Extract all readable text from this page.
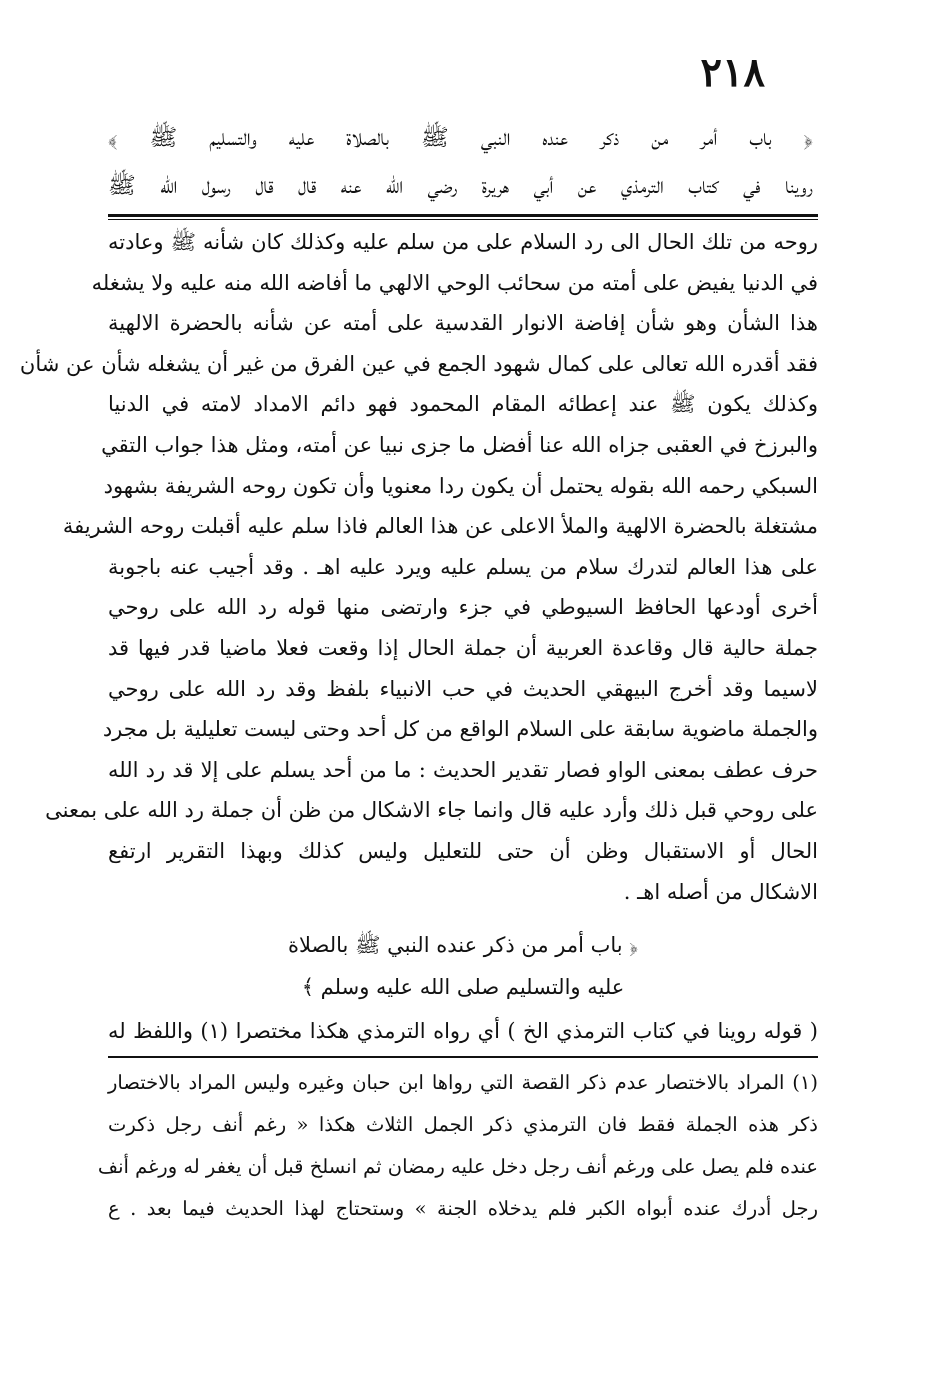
٢١٨
﴿ باب أمر من ذكر عنده النبي ﷺ بالصلاة عليه والتسليم ﷺ ﴾
روينا في كتاب الترمذي عن أبي هريرة رضي الله عنه قال قال رسول الله ﷺ
روحه من تلك الحال الى رد السلام على من سلم عليه وكذلك كان شأنه ﷺ وعادته
في الدنيا يفيض على أمته من سحائب الوحي الالهي ما أفاضه الله منه عليه ولا يشغله
هذا الشأن وهو شأن إفاضة الانوار القدسية على أمته عن شأنه بالحضرة الالهية
فقد أقدره الله تعالى على كمال شهود الجمع في عين الفرق من غير أن يشغله شأن عن شأن
وكذلك يكون ﷺ عند إعطائه المقام المحمود فهو دائم الامداد لامته في الدنيا
والبرزخ في العقبى جزاه الله عنا أفضل ما جزى نبيا عن أمته، ومثل هذا جواب التقي
السبكي رحمه الله بقوله يحتمل أن يكون ردا معنويا وأن تكون روحه الشريفة بشهود
مشتغلة بالحضرة الالهية والملأ الاعلى عن هذا العالم فاذا سلم عليه أقبلت روحه الشريفة
على هذا العالم لتدرك سلام من يسلم عليه ويرد عليه اهـ . وقد أجيب عنه باجوبة
أخرى أودعها الحافظ السيوطي في جزء وارتضى منها قوله رد الله على روحي
جملة حالية قال وقاعدة العربية أن جملة الحال إذا وقعت فعلا ماضيا قدر فيها قد
لاسيما وقد أخرج البيهقي الحديث في حب الانبياء بلفظ وقد رد الله على روحي
والجملة ماضوية سابقة على السلام الواقع من كل أحد وحتى ليست تعليلية بل مجرد
حرف عطف بمعنى الواو فصار تقدير الحديث : ما من أحد يسلم على إلا قد رد الله
على روحي قبل ذلك وأرد عليه قال وانما جاء الاشكال من ظن أن جملة رد الله على بمعنى
الحال أو الاستقبال وظن أن حتى للتعليل وليس كذلك وبهذا التقرير ارتفع
الاشكال من أصله اهـ .
﴿ باب أمر من ذكر عنده النبي ﷺ بالصلاة
عليه والتسليم صلى الله عليه وسلم ﴾
( قوله روينا في كتاب الترمذي الخ ) أي رواه الترمذي هكذا مختصرا (١) واللفظ له
(١) المراد بالاختصار عدم ذكر القصة التي رواها ابن حبان وغيره وليس المراد بالاختصار
ذكر هذه الجملة فقط فان الترمذي ذكر الجمل الثلاث هكذا « رغم أنف رجل ذكرت
عنده فلم يصل على ورغم أنف رجل دخل عليه رمضان ثم انسلخ قبل أن يغفر له ورغم أنف
رجل أدرك عنده أبواه الكبر فلم يدخلاه الجنة » وستحتاج لهذا الحديث فيما بعد . ع
